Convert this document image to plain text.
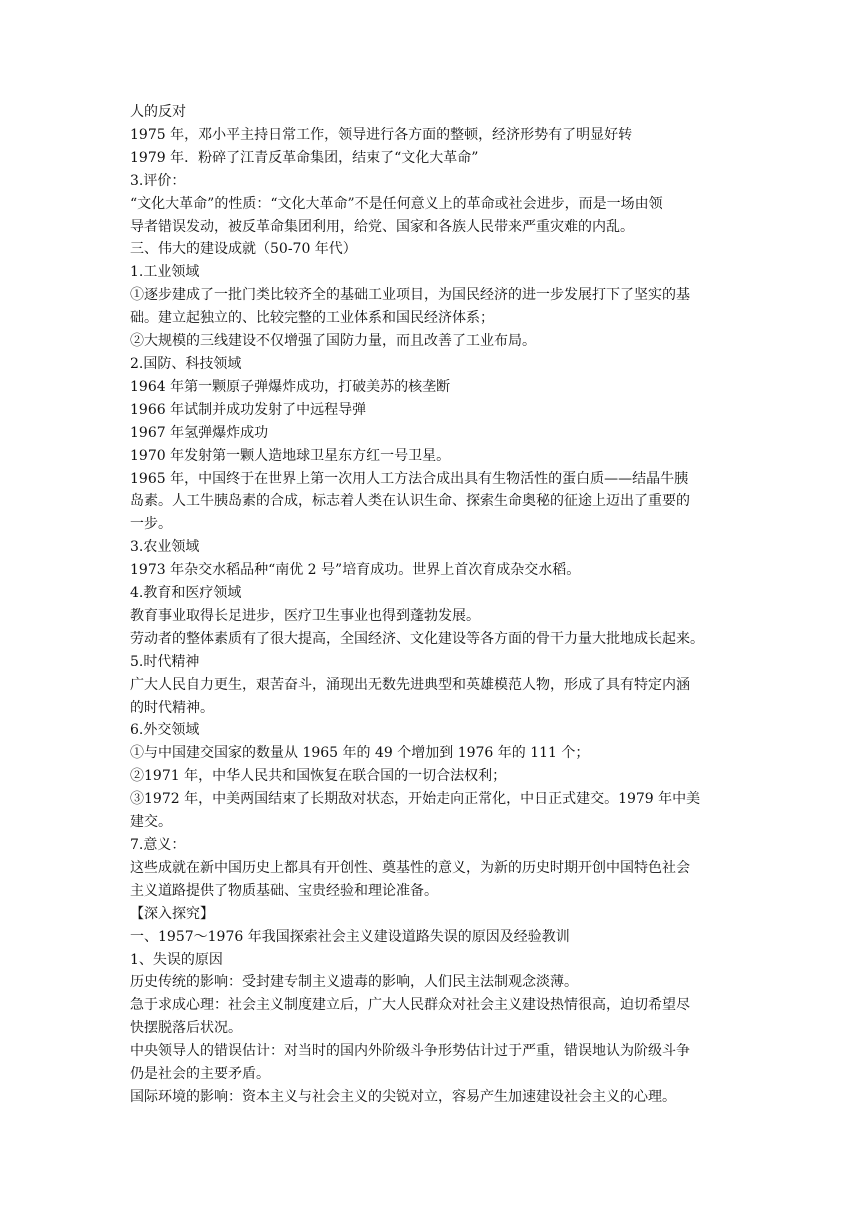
人的反对
1975 年，邓小平主持日常工作，领导进行各方面的整顿，经济形势有了明显好转
1979 年．粉碎了江青反革命集团，结束了“文化大革命”
3.评价：
“文化大革命”的性质：“文化大革命”不是任何意义上的革命或社会进步，而是一场由领
导者错误发动，被反革命集团利用，给党、国家和各族人民带来严重灾难的内乱。
三、伟大的建设成就（50-70 年代）
1.工业领域
①逐步建成了一批门类比较齐全的基础工业项目，为国民经济的进一步发展打下了坚实的基
础。建立起独立的、比较完整的工业体系和国民经济体系；
②大规模的三线建设不仅增强了国防力量，而且改善了工业布局。
2.国防、科技领域
1964 年第一颗原子弹爆炸成功，打破美苏的核垄断
1966 年试制并成功发射了中远程导弹
1967 年氢弹爆炸成功
1970 年发射第一颗人造地球卫星东方红一号卫星。
1965 年，中国终于在世界上第一次用人工方法合成出具有生物活性的蛋白质——结晶牛胰
岛素。人工牛胰岛素的合成，标志着人类在认识生命、探索生命奥秘的征途上迈出了重要的
一步。
3.农业领域
1973 年杂交水稻品种“南优 2 号”培育成功。世界上首次育成杂交水稻。
4.教育和医疗领域
教育事业取得长足进步，医疗卫生事业也得到蓬勃发展。
劳动者的整体素质有了很大提高，全国经济、文化建设等各方面的骨干力量大批地成长起来。
5.时代精神
广大人民自力更生，艰苦奋斗，涌现出无数先进典型和英雄模范人物，形成了具有特定内涵
的时代精神。
6.外交领域
①与中国建交国家的数量从 1965 年的 49 个增加到 1976 年的 111 个；
②1971 年，中华人民共和国恢复在联合国的一切合法权利；
③1972 年，中美两国结束了长期敌对状态，开始走向正常化，中日正式建交。1979 年中美
建交。
7.意义：
这些成就在新中国历史上都具有开创性、奠基性的意义，为新的历史时期开创中国特色社会
主义道路提供了物质基础、宝贵经验和理论准备。
【深入探究】
一、1957～1976 年我国探索社会主义建设道路失误的原因及经验教训
1、失误的原因
历史传统的影响：受封建专制主义遗毒的影响，人们民主法制观念淡薄。
急于求成心理：社会主义制度建立后，广大人民群众对社会主义建设热情很高，迫切希望尽
快摆脱落后状况。
中央领导人的错误估计：对当时的国内外阶级斗争形势估计过于严重，错误地认为阶级斗争
仍是社会的主要矛盾。
国际环境的影响：资本主义与社会主义的尖锐对立，容易产生加速建设社会主义的心理。
